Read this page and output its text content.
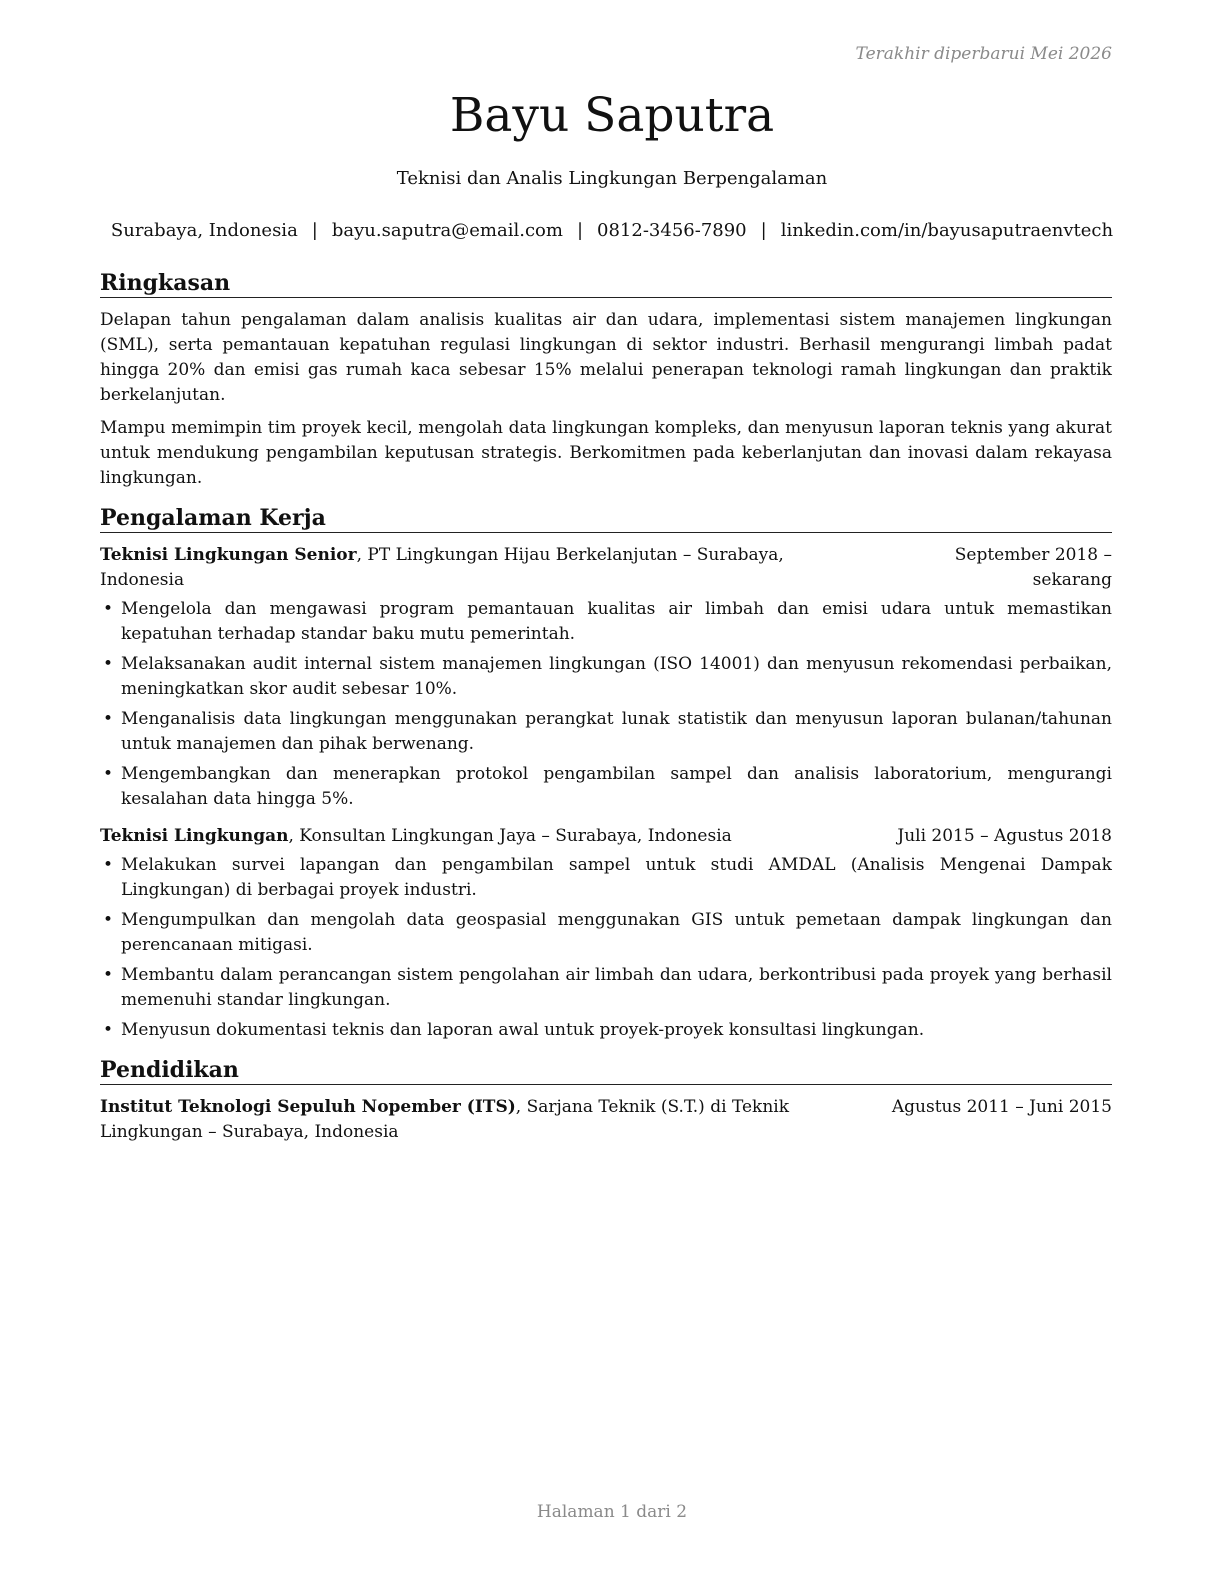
Terakhir diperbarui Mei 2026
Bayu Saputra
Teknisi dan Analis Lingkungan Berpengalaman
Surabaya, Indonesia | bayu.saputra@email.com | 0812-3456-7890 | linkedin.com/in/bayusaputraenvtech
Ringkasan

Delapan tahun pengalaman dalam analisis kualitas air dan udara, implementasi sistem manajemen lingkungan (SML), serta pemantauan kepatuhan regulasi lingkungan di sektor industri. Berhasil mengurangi limbah padat hingga 20% dan emisi gas rumah kaca sebesar 15% melalui penerapan teknologi ramah lingkungan dan praktik berkelanjutan.

Mampu memimpin tim proyek kecil, mengolah data lingkungan kompleks, dan menyusun laporan teknis yang akurat untuk mendukung pengambilan keputusan strategis. Berkomitmen pada keberlanjutan dan inovasi dalam rekayasa lingkungan.

Pengalaman Kerja
Teknisi Lingkungan Senior, PT Lingkungan Hijau Berkelanjutan – Surabaya, Indonesia
September 2018 – sekarang
• Mengelola dan mengawasi program pemantauan kualitas air limbah dan emisi udara untuk memastikan kepatuhan terhadap standar baku mutu pemerintah.
• Melaksanakan audit internal sistem manajemen lingkungan (ISO 14001) dan menyusun rekomendasi perbaikan, meningkatkan skor audit sebesar 10%.
• Menganalisis data lingkungan menggunakan perangkat lunak statistik dan menyusun laporan bulanan/tahunan untuk manajemen dan pihak berwenang.
• Mengembangkan dan menerapkan protokol pengambilan sampel dan analisis laboratorium, mengurangi kesalahan data hingga 5%.
Teknisi Lingkungan, Konsultan Lingkungan Jaya – Surabaya, Indonesia	Juli 2015 – Agustus 2018
• Melakukan survei lapangan dan pengambilan sampel untuk studi AMDAL (Analisis Mengenai Dampak Lingkungan) di berbagai proyek industri.
• Mengumpulkan dan mengolah data geospasial menggunakan GIS untuk pemetaan dampak lingkungan dan perencanaan mitigasi.
• Membantu dalam perancangan sistem pengolahan air limbah dan udara, berkontribusi pada proyek yang berhasil memenuhi standar lingkungan.
• Menyusun dokumentasi teknis dan laporan awal untuk proyek-proyek konsultasi lingkungan.
Pendidikan
Institut Teknologi Sepuluh Nopember (ITS), Sarjana Teknik (S.T.) di Teknik Lingkungan – Surabaya, Indonesia
Agustus 2011 – Juni 2015
Halaman 1 dari 2
